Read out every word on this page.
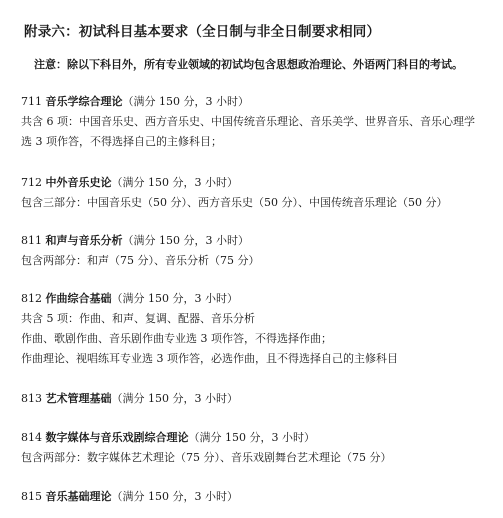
附录六：初试科目基本要求（全日制与非全日制要求相同）
注意：除以下科目外，所有专业领域的初试均包含思想政治理论、外语两门科目的考试。
711 音乐学综合理论（满分 150 分，3 小时）
共含 6 项：中国音乐史、西方音乐史、中国传统音乐理论、音乐美学、世界音乐、音乐心理学
选 3 项作答，不得选择自己的主修科目；
712 中外音乐史论（满分 150 分，3 小时）
包含三部分：中国音乐史（50 分）、西方音乐史（50 分）、中国传统音乐理论（50 分）
811 和声与音乐分析（满分 150 分，3 小时）
包含两部分：和声（75 分）、音乐分析（75 分）
812 作曲综合基础（满分 150 分，3 小时）
共含 5 项：作曲、和声、复调、配器、音乐分析
作曲、歌剧作曲、音乐剧作曲专业选 3 项作答，不得选择作曲；
作曲理论、视唱练耳专业选 3 项作答，必选作曲，且不得选择自己的主修科目
813 艺术管理基础（满分 150 分，3 小时）
814 数字媒体与音乐戏剧综合理论（满分 150 分，3 小时）
包含两部分：数字媒体艺术理论（75 分）、音乐戏剧舞台艺术理论（75 分）
815 音乐基础理论（满分 150 分，3 小时）
